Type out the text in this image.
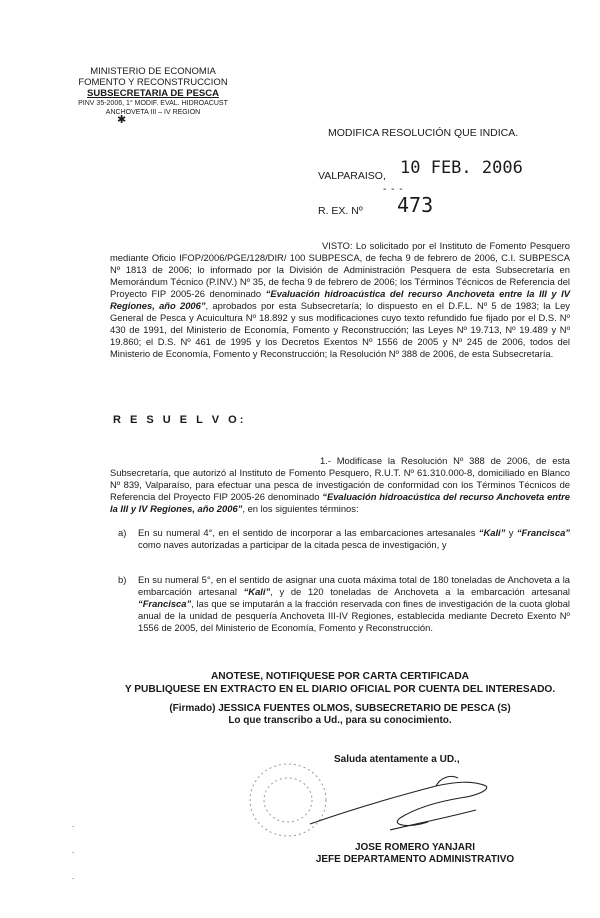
MINISTERIO DE ECONOMIA
FOMENTO Y RECONSTRUCCION
SUBSECRETARIA DE PESCA
PINV 35-2006, 1° MODIF. EVAL. HIDROACUST
ANCHOVETA III – IV REGION
✱
MODIFICA RESOLUCIÓN QUE INDICA.
VALPARAISO, 10 FEB. 2006
- - -
R. EX. Nº 473
VISTO: Lo solicitado por el Instituto de Fomento Pesquero mediante Oficio IFOP/2006/PGE/128/DIR/ 100 SUBPESCA, de fecha 9 de febrero de 2006, C.I. SUBPESCA Nº 1813 de 2006; lo informado por la División de Administración Pesquera de esta Subsecretaría en Memorándum Técnico (P.INV.) Nº 35, de fecha 9 de febrero de 2006; los Términos Técnicos de Referencia del Proyecto FIP 2005-26 denominado “Evaluación hidroacústica del recurso Anchoveta entre la III y IV Regiones, año 2006”, aprobados por esta Subsecretaría; lo dispuesto en el D.F.L. Nº 5 de 1983; la Ley General de Pesca y Acuicultura Nº 18.892 y sus modificaciones cuyo texto refundido fue fijado por el D.S. Nº 430 de 1991, del Ministerio de Economía, Fomento y Reconstrucción; las Leyes Nº 19.713, Nº 19.489 y Nº 19.860; el D.S. Nº 461 de 1995 y los Decretos Exentos Nº 1556 de 2005 y Nº 245 de 2006, todos del Ministerio de Economía, Fomento y Reconstrucción; la Resolución Nº 388 de 2006, de esta Subsecretaría.
R E S U E L V O:
1.- Modifícase la Resolución Nº 388 de 2006, de esta Subsecretaría, que autorizó al Instituto de Fomento Pesquero, R.U.T. Nº 61.310.000-8, domiciliado en Blanco Nº 839, Valparaíso, para efectuar una pesca de investigación de conformidad con los Términos Técnicos de Referencia del Proyecto FIP 2005-26 denominado “Evaluación hidroacústica del recurso Anchoveta entre la III y IV Regiones, año 2006”, en los siguientes términos:
a) En su numeral 4°, en el sentido de incorporar a las embarcaciones artesanales “Kali” y “Francisca” como naves autorizadas a participar de la citada pesca de investigación, y
b) En su numeral 5°, en el sentido de asignar una cuota máxima total de 180 toneladas de Anchoveta a la embarcación artesanal “Kali”, y de 120 toneladas de Anchoveta a la embarcación artesanal “Francisca”, las que se imputarán a la fracción reservada con fines de investigación de la cuota global anual de la unidad de pesquería Anchoveta III-IV Regiones, establecida mediante Decreto Exento Nº 1556 de 2005, del Ministerio de Economía, Fomento y Reconstrucción.
ANOTESE, NOTIFIQUESE POR CARTA CERTIFICADA
Y PUBLIQUESE EN EXTRACTO EN EL DIARIO OFICIAL POR CUENTA DEL INTERESADO.
(Firmado) JESSICA FUENTES OLMOS, SUBSECRETARIO DE PESCA (S)
Lo que transcribo a Ud., para su conocimiento.
Saluda atentamente a UD.,
JOSE ROMERO YANJARI
JEFE DEPARTAMENTO ADMINISTRATIVO
.
.
.
